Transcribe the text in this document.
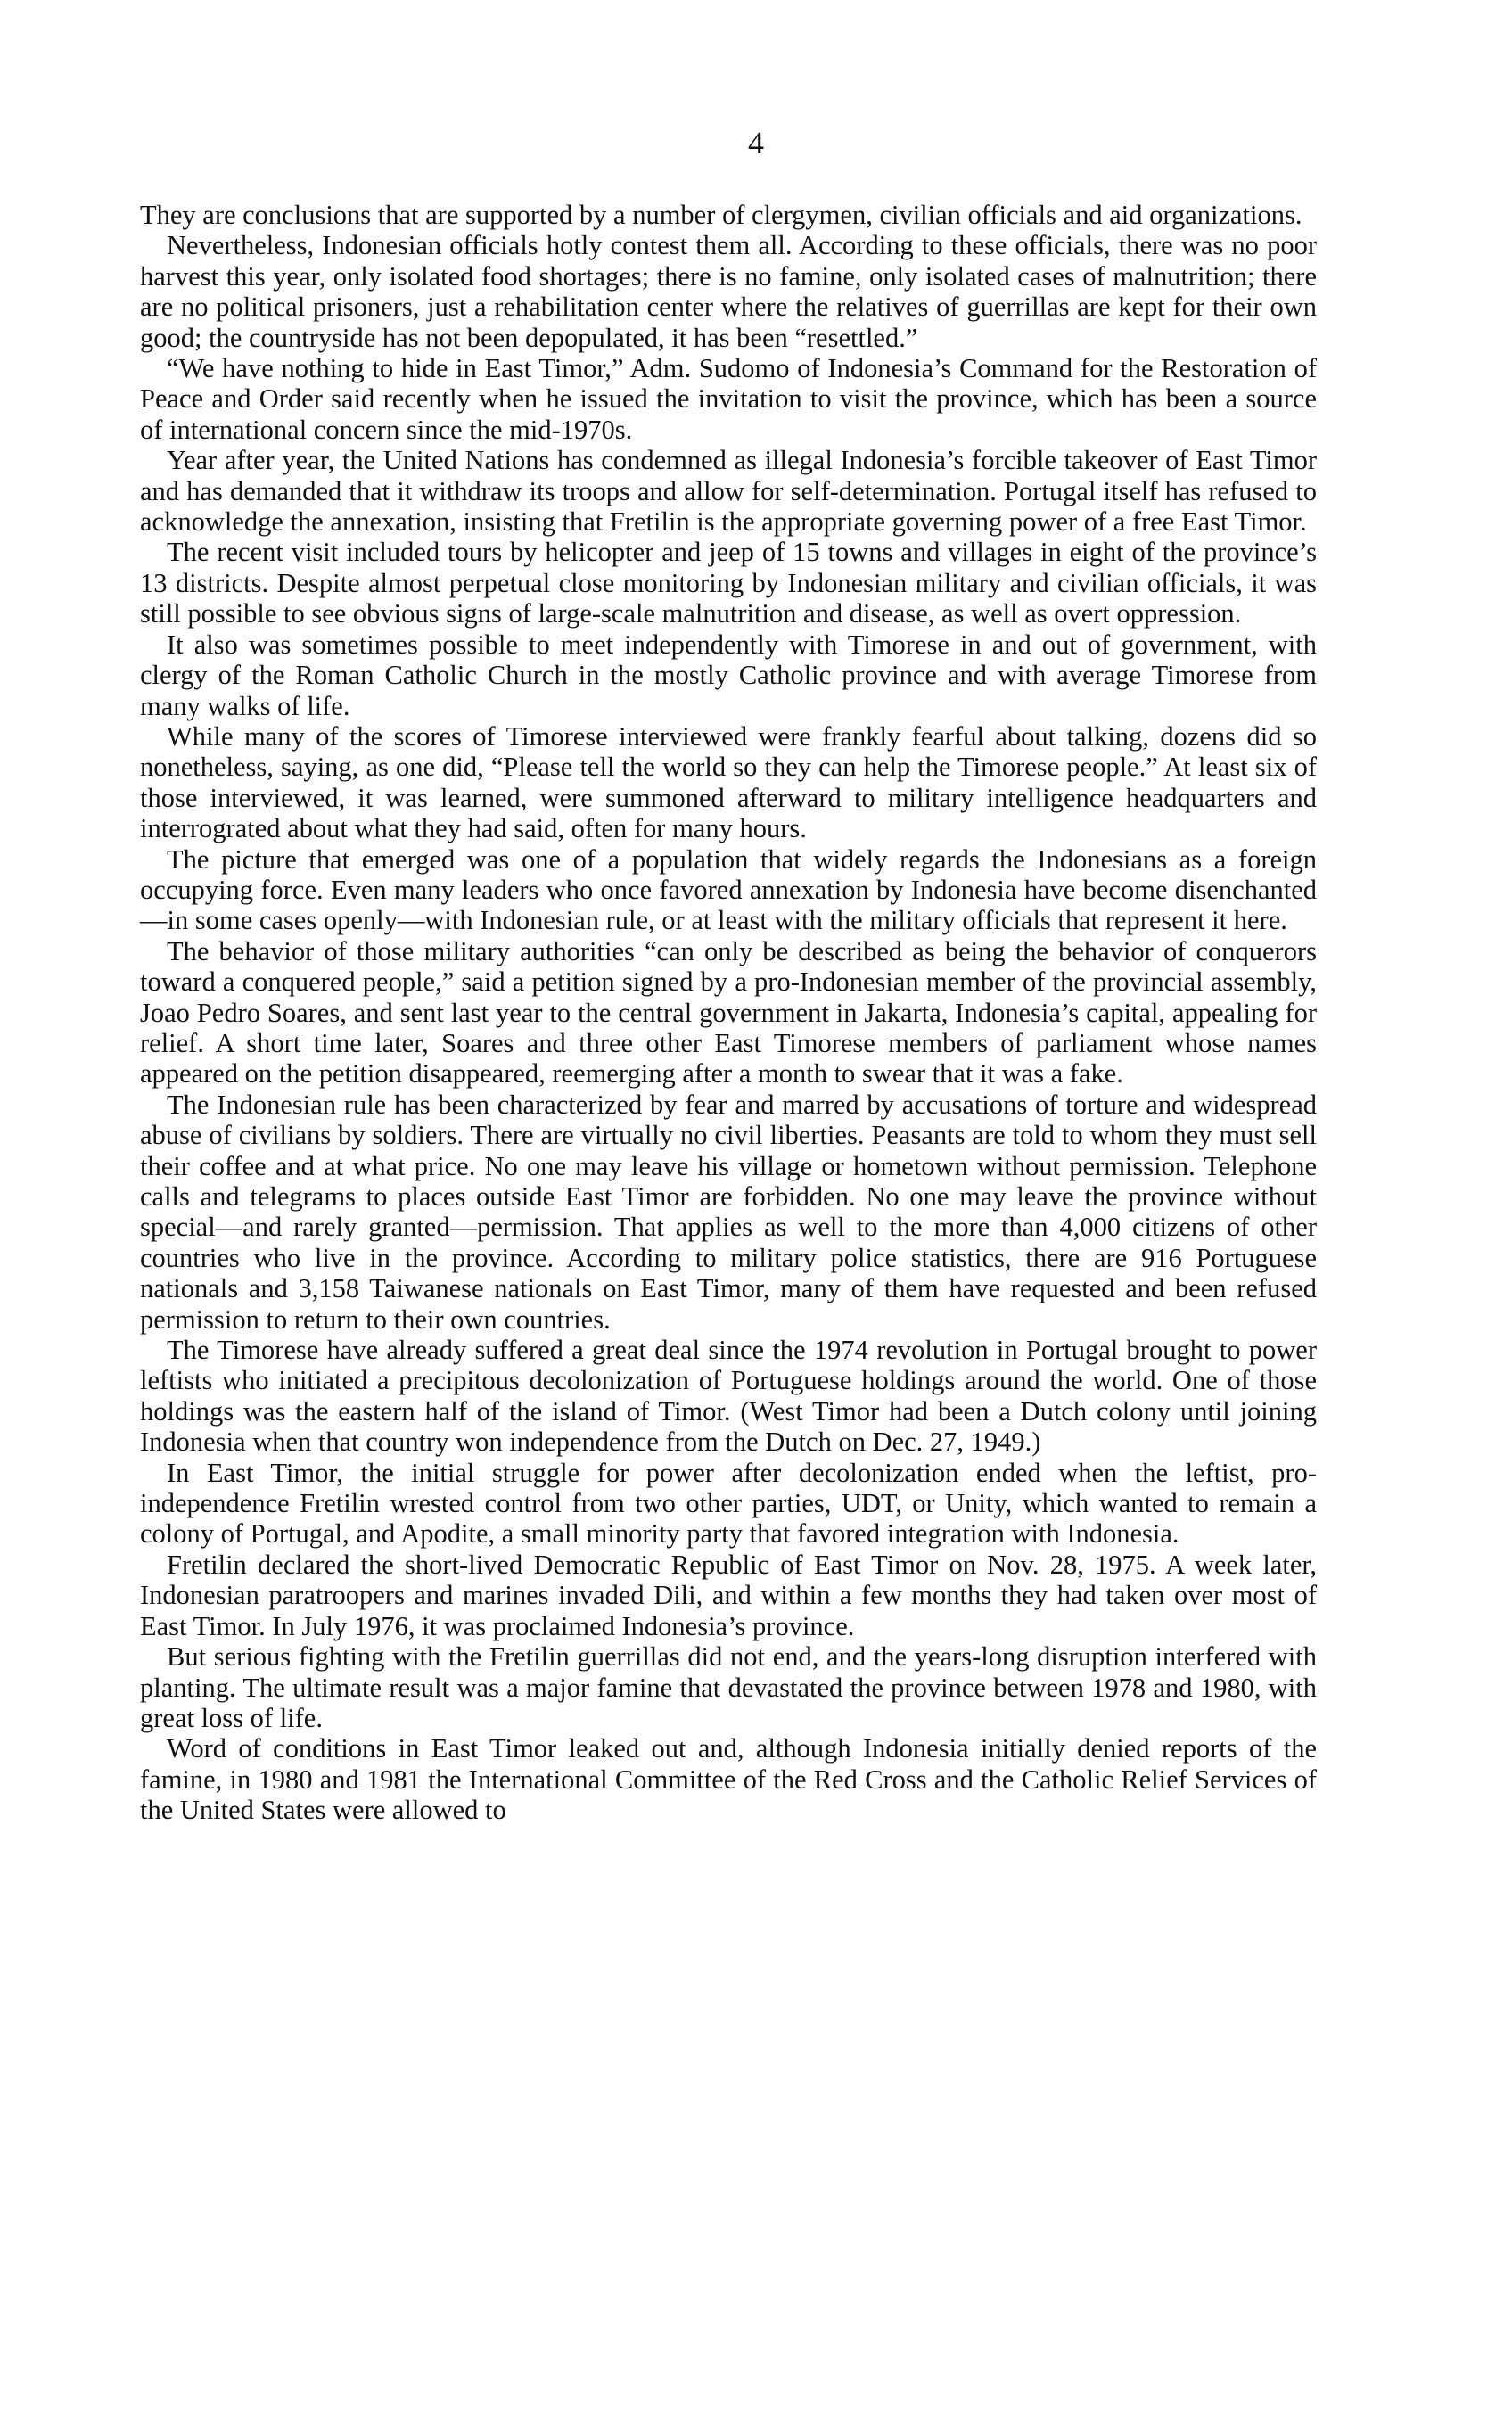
4

They are conclusions that are supported by a number of clergymen, civilian officials and aid organizations.

Nevertheless, Indonesian officials hotly contest them all. According to these officials, there was no poor harvest this year, only isolated food shortages; there is no famine, only isolated cases of malnutrition; there are no political prisoners, just a rehabilitation center where the relatives of guerrillas are kept for their own good; the countryside has not been depopulated, it has been “resettled.”

“We have nothing to hide in East Timor,” Adm. Sudomo of Indonesia’s Command for the Restoration of Peace and Order said recently when he issued the invitation to visit the province, which has been a source of international concern since the mid-1970s.

Year after year, the United Nations has condemned as illegal Indonesia’s forcible takeover of East Timor and has demanded that it withdraw its troops and allow for self-determination. Portugal itself has refused to acknowledge the annexation, insisting that Fretilin is the appropriate governing power of a free East Timor.

The recent visit included tours by helicopter and jeep of 15 towns and villages in eight of the province’s 13 districts. Despite almost perpetual close monitoring by Indonesian military and civilian officials, it was still possible to see obvious signs of large-scale malnutrition and disease, as well as overt oppression.

It also was sometimes possible to meet independently with Timorese in and out of government, with clergy of the Roman Catholic Church in the mostly Catholic province and with average Timorese from many walks of life.

While many of the scores of Timorese interviewed were frankly fearful about talking, dozens did so nonetheless, saying, as one did, “Please tell the world so they can help the Timorese people.” At least six of those interviewed, it was learned, were summoned afterward to military intelligence headquarters and interrograted about what they had said, often for many hours.

The picture that emerged was one of a population that widely regards the Indonesians as a foreign occupying force. Even many leaders who once favored annexation by Indonesia have become disenchanted—in some cases openly—with Indonesian rule, or at least with the military officials that represent it here.

The behavior of those military authorities “can only be described as being the behavior of conquerors toward a conquered people,” said a petition signed by a pro-Indonesian member of the provincial assembly, Joao Pedro Soares, and sent last year to the central government in Jakarta, Indonesia’s capital, appealing for relief. A short time later, Soares and three other East Timorese members of parliament whose names appeared on the petition disappeared, reemerging after a month to swear that it was a fake.

The Indonesian rule has been characterized by fear and marred by accusations of torture and widespread abuse of civilians by soldiers. There are virtually no civil liberties. Peasants are told to whom they must sell their coffee and at what price. No one may leave his village or hometown without permission. Telephone calls and telegrams to places outside East Timor are forbidden. No one may leave the province without special—and rarely granted—permission. That applies as well to the more than 4,000 citizens of other countries who live in the province. According to military police statistics, there are 916 Portuguese nationals and 3,158 Taiwanese nationals on East Timor, many of them have requested and been refused permission to return to their own countries.

The Timorese have already suffered a great deal since the 1974 revolution in Portugal brought to power leftists who initiated a precipitous decolonization of Portuguese holdings around the world. One of those holdings was the eastern half of the island of Timor. (West Timor had been a Dutch colony until joining Indonesia when that country won independence from the Dutch on Dec. 27, 1949.)

In East Timor, the initial struggle for power after decolonization ended when the leftist, pro-independence Fretilin wrested control from two other parties, UDT, or Unity, which wanted to remain a colony of Portugal, and Apodite, a small minority party that favored integration with Indonesia.

Fretilin declared the short-lived Democratic Republic of East Timor on Nov. 28, 1975. A week later, Indonesian paratroopers and marines invaded Dili, and within a few months they had taken over most of East Timor. In July 1976, it was proclaimed Indonesia’s province.

But serious fighting with the Fretilin guerrillas did not end, and the years-long disruption interfered with planting. The ultimate result was a major famine that devastated the province between 1978 and 1980, with great loss of life.

Word of conditions in East Timor leaked out and, although Indonesia initially denied reports of the famine, in 1980 and 1981 the International Committee of the Red Cross and the Catholic Relief Services of the United States were allowed to
